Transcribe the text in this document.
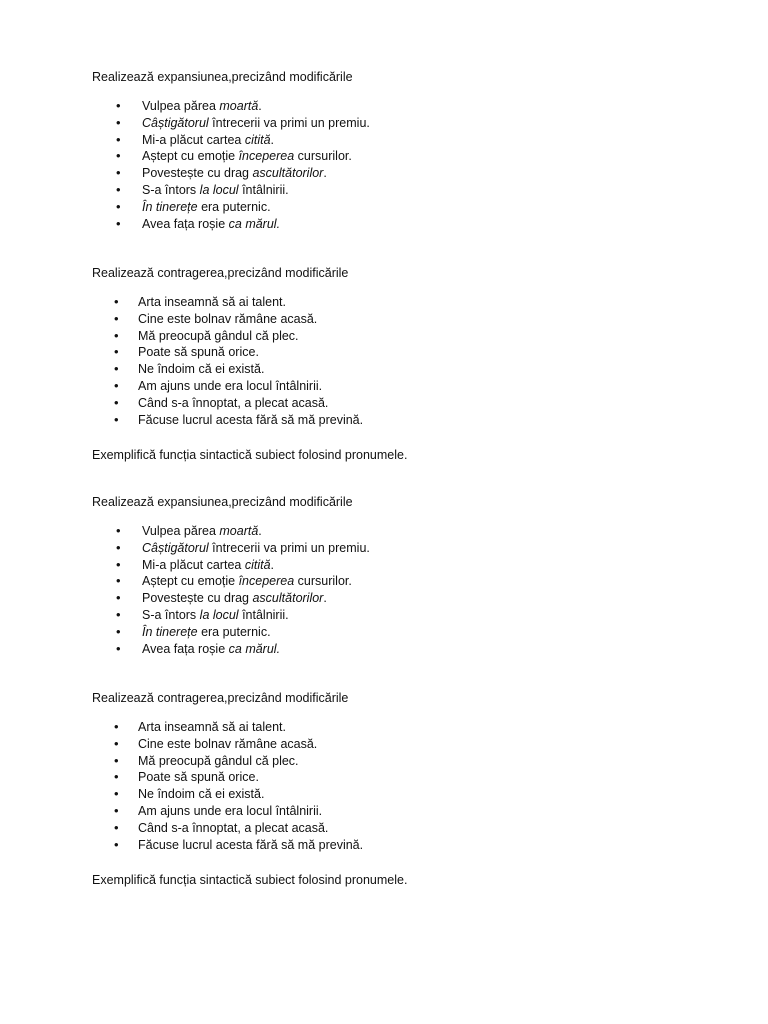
Realizează expansiunea,precizând modificările

• Vulpea părea moartă.
• Câștigătorul întrecerii va primi un premiu.
• Mi-a plăcut cartea citită.
• Aștept cu emoție începerea cursurilor.
• Povestește cu drag ascultătorilor.
• S-a întors la locul întâlnirii.
• În tinerețe era puternic.
• Avea fața roșie ca mărul.

Realizează contragerea,precizând modificările

• Arta inseamnă să ai talent.
• Cine este bolnav rămâne acasă.
• Mă preocupă gândul că plec.
• Poate să spună orice.
• Ne îndoim că ei există.
• Am ajuns unde era locul întâlnirii.
• Când s-a înnoptat, a plecat acasă.
• Făcuse lucrul acesta fără să mă prevină.

Exemplifică funcția sintactică subiect folosind pronumele.

Realizează expansiunea,precizând modificările

• Vulpea părea moartă.
• Câștigătorul întrecerii va primi un premiu.
• Mi-a plăcut cartea citită.
• Aștept cu emoție începerea cursurilor.
• Povestește cu drag ascultătorilor.
• S-a întors la locul întâlnirii.
• În tinerețe era puternic.
• Avea fața roșie ca mărul.

Realizează contragerea,precizând modificările

• Arta inseamnă să ai talent.
• Cine este bolnav rămâne acasă.
• Mă preocupă gândul că plec.
• Poate să spună orice.
• Ne îndoim că ei există.
• Am ajuns unde era locul întâlnirii.
• Când s-a înnoptat, a plecat acasă.
• Făcuse lucrul acesta fără să mă prevină.

Exemplifică funcția sintactică subiect folosind pronumele.
